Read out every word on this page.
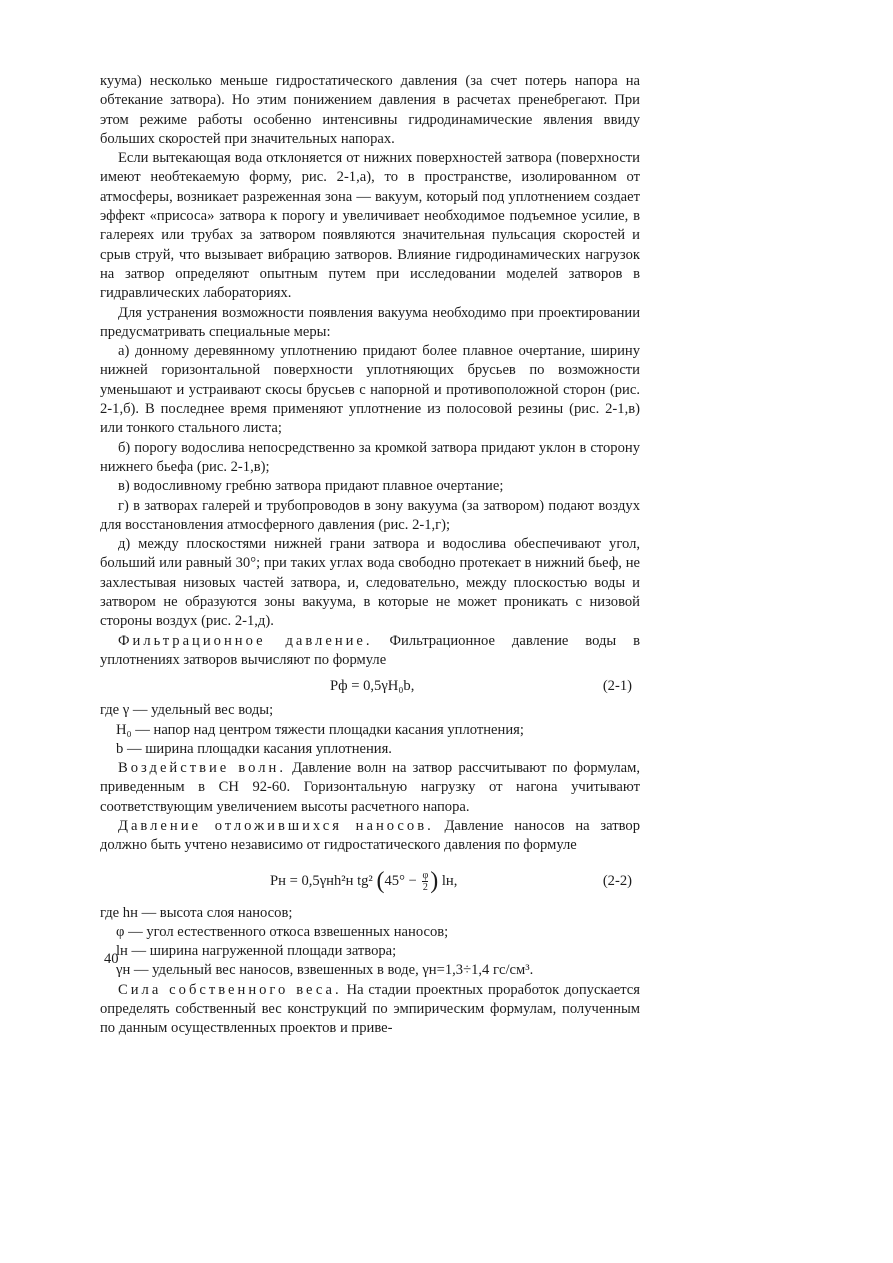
куума) несколько меньше гидростатического давления (за счет потерь напора на обтекание затвора). Но этим понижением давления в расчетах пренебрегают. При этом режиме работы особенно интенсивны гидродинамические явления ввиду больших скоростей при значительных напорах.

Если вытекающая вода отклоняется от нижних поверхностей затвора (поверхности имеют необтекаемую форму, рис. 2-1,а), то в пространстве, изолированном от атмосферы, возникает разреженная зона — вакуум, который под уплотнением создает эффект «присоса» затвора к порогу и увеличивает необходимое подъемное усилие, в галереях или трубах за затвором появляются значительная пульсация скоростей и срыв струй, что вызывает вибрацию затворов. Влияние гидродинамических нагрузок на затвор определяют опытным путем при исследовании моделей затворов в гидравлических лабораториях.

Для устранения возможности появления вакуума необходимо при проектировании предусматривать специальные меры:

а) донному деревянному уплотнению придают более плавное очертание, ширину нижней горизонтальной поверхности уплотняющих брусьев по возможности уменьшают и устраивают скосы брусьев с напорной и противоположной сторон (рис. 2-1,б). В последнее время применяют уплотнение из полосовой резины (рис. 2-1,в) или тонкого стального листа;

б) порогу водослива непосредственно за кромкой затвора придают уклон в сторону нижнего бьефа (рис. 2-1,в);

в) водосливному гребню затвора придают плавное очертание;

г) в затворах галерей и трубопроводов в зону вакуума (за затвором) подают воздух для восстановления атмосферного давления (рис. 2-1,г);

д) между плоскостями нижней грани затвора и водослива обеспечивают угол, больший или равный 30°; при таких углах вода свободно протекает в нижний бьеф, не захлестывая низовых частей затвора, и, следовательно, между плоскостью воды и затвором не образуются зоны вакуума, в которые не может проникать с низовой стороны воздух (рис. 2-1,д).

Фильтрационное давление. Фильтрационное давление воды в уплотнениях затворов вычисляют по формуле

Pф = 0,5γH₀b,	(2-1)

где γ — удельный вес воды;

H₀ — напор над центром тяжести площадки касания уплотнения;

b — ширина площадки касания уплотнения.

Воздействие волн. Давление волн на затвор рассчитывают по формулам, приведенным в СН 92-60. Горизонтальную нагрузку от нагона учитывают соответствующим увеличением высоты расчетного напора.

Давление отложившихся наносов. Давление наносов на затвор должно быть учтено независимо от гидростатического давления по формуле

Pн = 0,5γнh²н tg² ($45^\circ - \frac{\varphi}{2}$ ) lн,	(2-2)

где hн — высота слоя наносов;

φ — угол естественного откоса взвешенных наносов;

lн — ширина нагруженной площади затвора;

γн — удельный вес наносов, взвешенных в воде, γн=1,3÷1,4 гс/см³.

Сила собственного веса. На стадии проектных проработок допускается определять собственный вес конструкций по эмпирическим формулам, полученным по данным осуществленных проектов и приве-

40
